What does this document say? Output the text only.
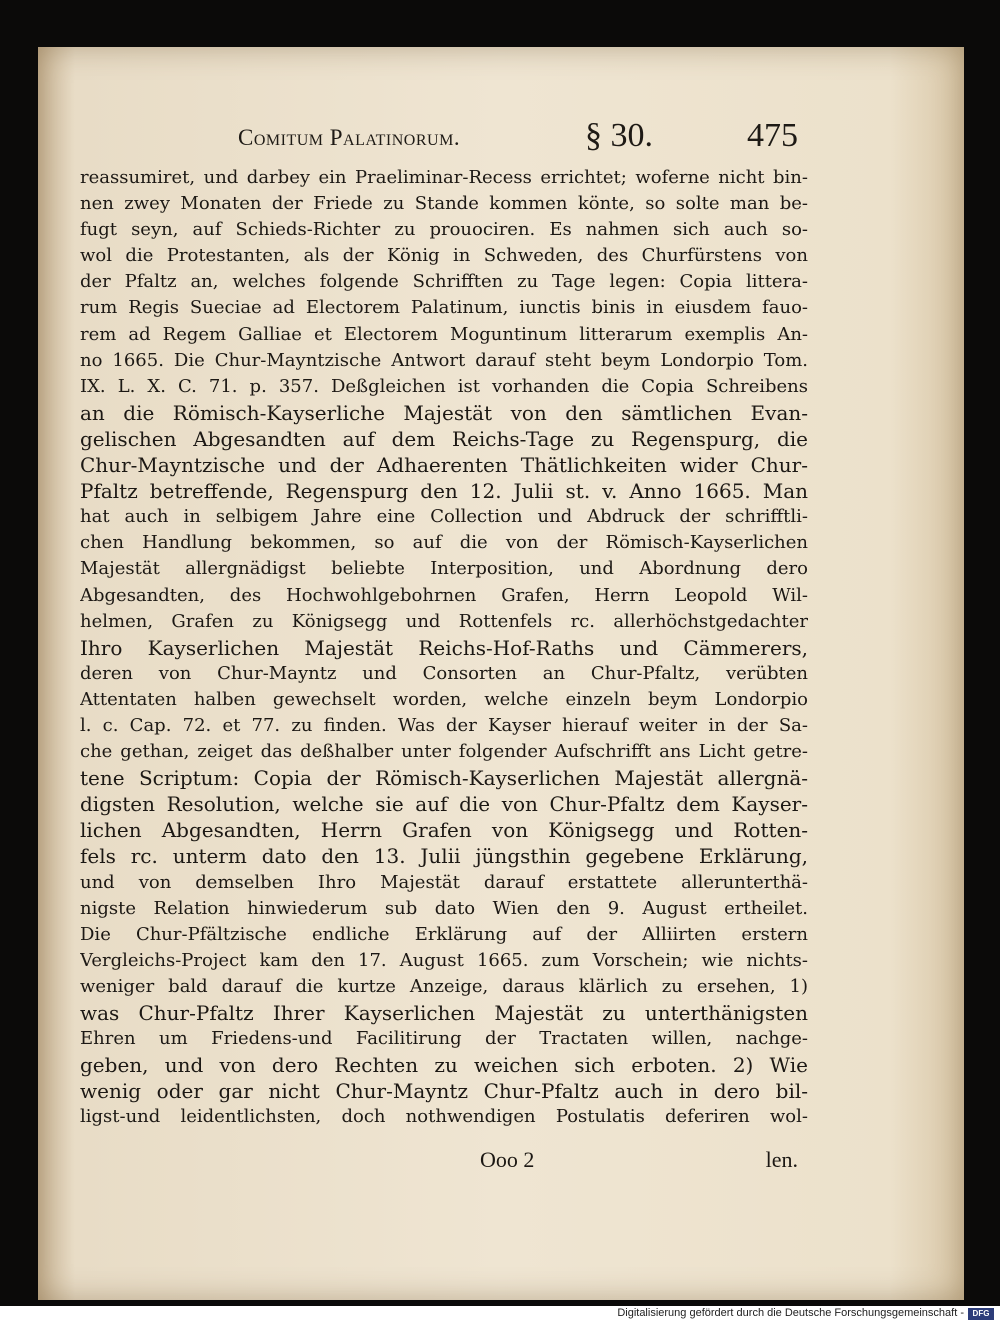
Comitum Palatinorum.	§ 30.	475
reassumiret, und darbey ein Praeliminar-Recess errichtet; woferne nicht bin-
nen zwey Monaten der Friede zu Stande kommen könte, so solte man be-
fugt seyn, auf Schieds-Richter zu prouociren. Es nahmen sich auch so-
wol die Protestanten, als der König in Schweden, des Churfürstens von
der Pfaltz an, welches folgende Schrifften zu Tage legen: Copia littera-
rum Regis Sueciae ad Electorem Palatinum, iunctis binis in eiusdem fauo-
rem ad Regem Galliae et Electorem Moguntinum litterarum exemplis An-
no 1665. Die Chur-Mayntzische Antwort darauf steht beym Londorpio Tom.
IX. L. X. C. 71. p. 357. Deßgleichen ist vorhanden die Copia Schreibens
an die Römisch-Kayserliche Majestät von den sämtlichen Evan-
gelischen Abgesandten auf dem Reichs-Tage zu Regenspurg, die
Chur-Mayntzische und der Adhaerenten Thätlichkeiten wider Chur-
Pfaltz betreffende, Regenspurg den 12. Julii st. v. Anno 1665. Man
hat auch in selbigem Jahre eine Collection und Abdruck der schrifftli-
chen Handlung bekommen, so auf die von der Römisch-Kayserlichen
Majestät allergnädigst beliebte Interposition, und Abordnung dero
Abgesandten, des Hochwohlgebohrnen Grafen, Herrn Leopold Wil-
helmen, Grafen zu Königsegg und Rottenfels rc. allerhöchstgedachter
Ihro Kayserlichen Majestät Reichs-Hof-Raths und Cämmerers,
deren von Chur-Mayntz und Consorten an Chur-Pfaltz, verübten
Attentaten halben gewechselt worden, welche einzeln beym Londorpio
l. c. Cap. 72. et 77. zu finden. Was der Kayser hierauf weiter in der Sa-
che gethan, zeiget das deßhalber unter folgender Aufschrifft ans Licht getre-
tene Scriptum: Copia der Römisch-Kayserlichen Majestät allergnä-
digsten Resolution, welche sie auf die von Chur-Pfaltz dem Kayser-
lichen Abgesandten, Herrn Grafen von Königsegg und Rotten-
fels rc. unterm dato den 13. Julii jüngsthin gegebene Erklärung,
und von demselben Ihro Majestät darauf erstattete allerunterthä-
nigste Relation hinwiederum sub dato Wien den 9. August ertheilet.
Die Chur-Pfältzische endliche Erklärung auf der Alliirten erstern
Vergleichs-Project kam den 17. August 1665. zum Vorschein; wie nichts-
weniger bald darauf die kurtze Anzeige, daraus klärlich zu ersehen, 1)
was Chur-Pfaltz Ihrer Kayserlichen Majestät zu unterthänigsten
Ehren um Friedens-und Facilitirung der Tractaten willen, nachge-
geben, und von dero Rechten zu weichen sich erboten. 2) Wie
wenig oder gar nicht Chur-Mayntz Chur-Pfaltz auch in dero bil-
ligst-und leidentlichsten, doch nothwendigen Postulatis deferiren wol-
Ooo 2	len.
Digitalisierung gefördert durch die Deutsche Forschungsgemeinschaft -	DFG
